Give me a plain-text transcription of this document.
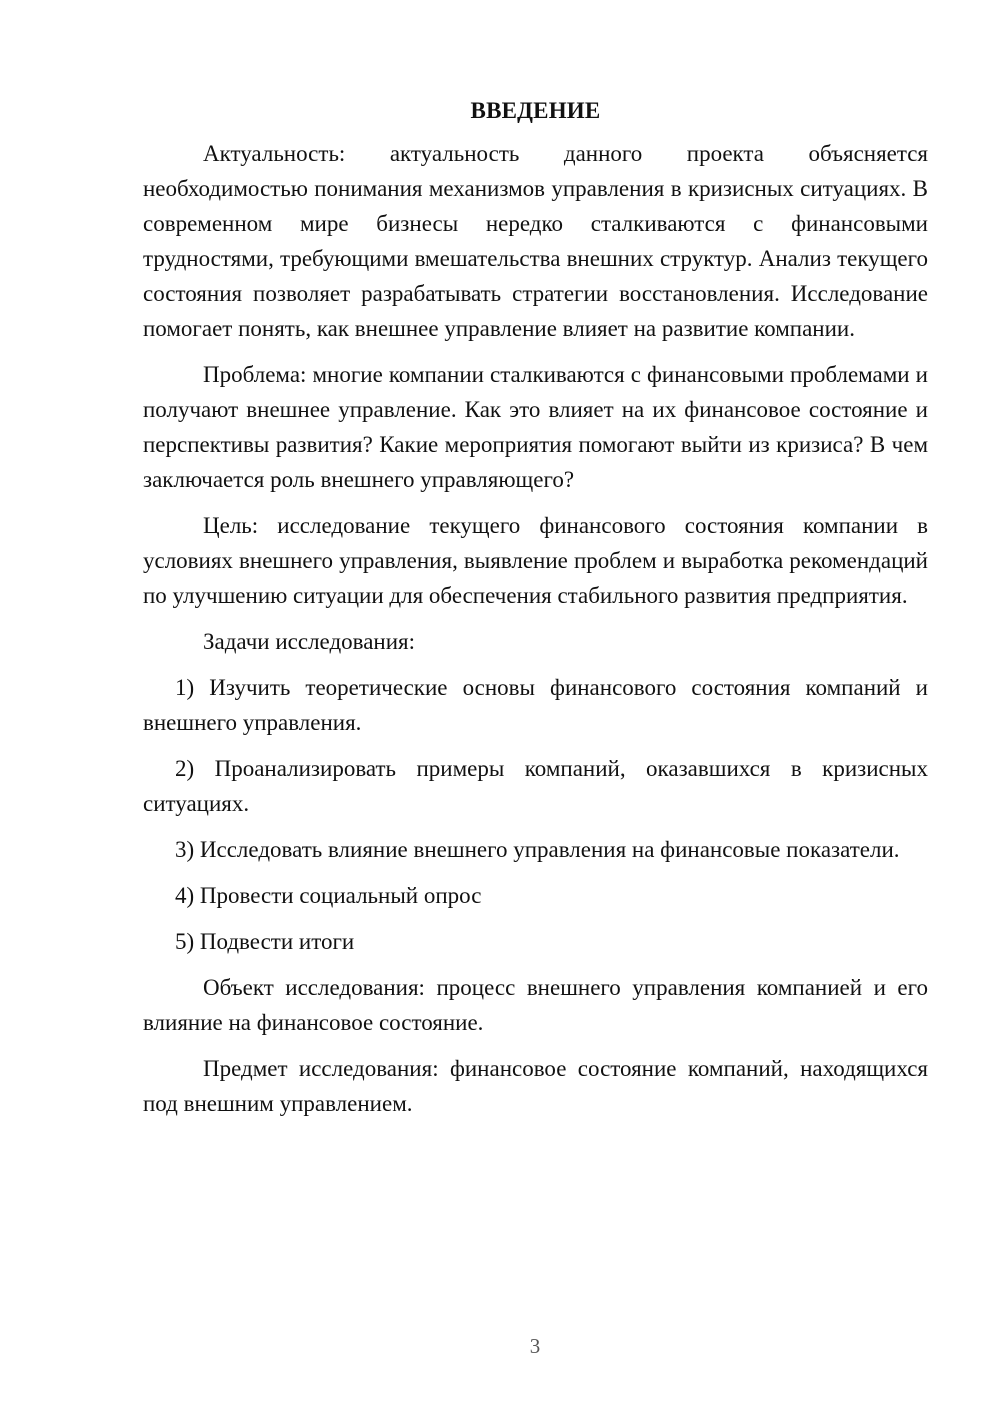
ВВЕДЕНИЕ

Актуальность: актуальность данного проекта объясняется необходимостью понимания механизмов управления в кризисных ситуациях. В современном мире бизнесы нередко сталкиваются с финансовыми трудностями, требующими вмешательства внешних структур. Анализ текущего состояния позволяет разрабатывать стратегии восстановления. Исследование помогает понять, как внешнее управление влияет на развитие компании.

Проблема: многие компании сталкиваются с финансовыми проблемами и получают внешнее управление. Как это влияет на их финансовое состояние и перспективы развития? Какие мероприятия помогают выйти из кризиса? В чем заключается роль внешнего управляющего?

Цель: исследование текущего финансового состояния компании в условиях внешнего управления, выявление проблем и выработка рекомендаций по улучшению ситуации для обеспечения стабильного развития предприятия.

Задачи исследования:

1) Изучить теоретические основы финансового состояния компаний и внешнего управления.

2) Проанализировать примеры компаний, оказавшихся в кризисных ситуациях.

3) Исследовать влияние внешнего управления на финансовые показатели.

4) Провести социальный опрос

5) Подвести итоги

Объект исследования: процесс внешнего управления компанией и его влияние на финансовое состояние.

Предмет исследования: финансовое состояние компаний, находящихся под внешним управлением.

3
